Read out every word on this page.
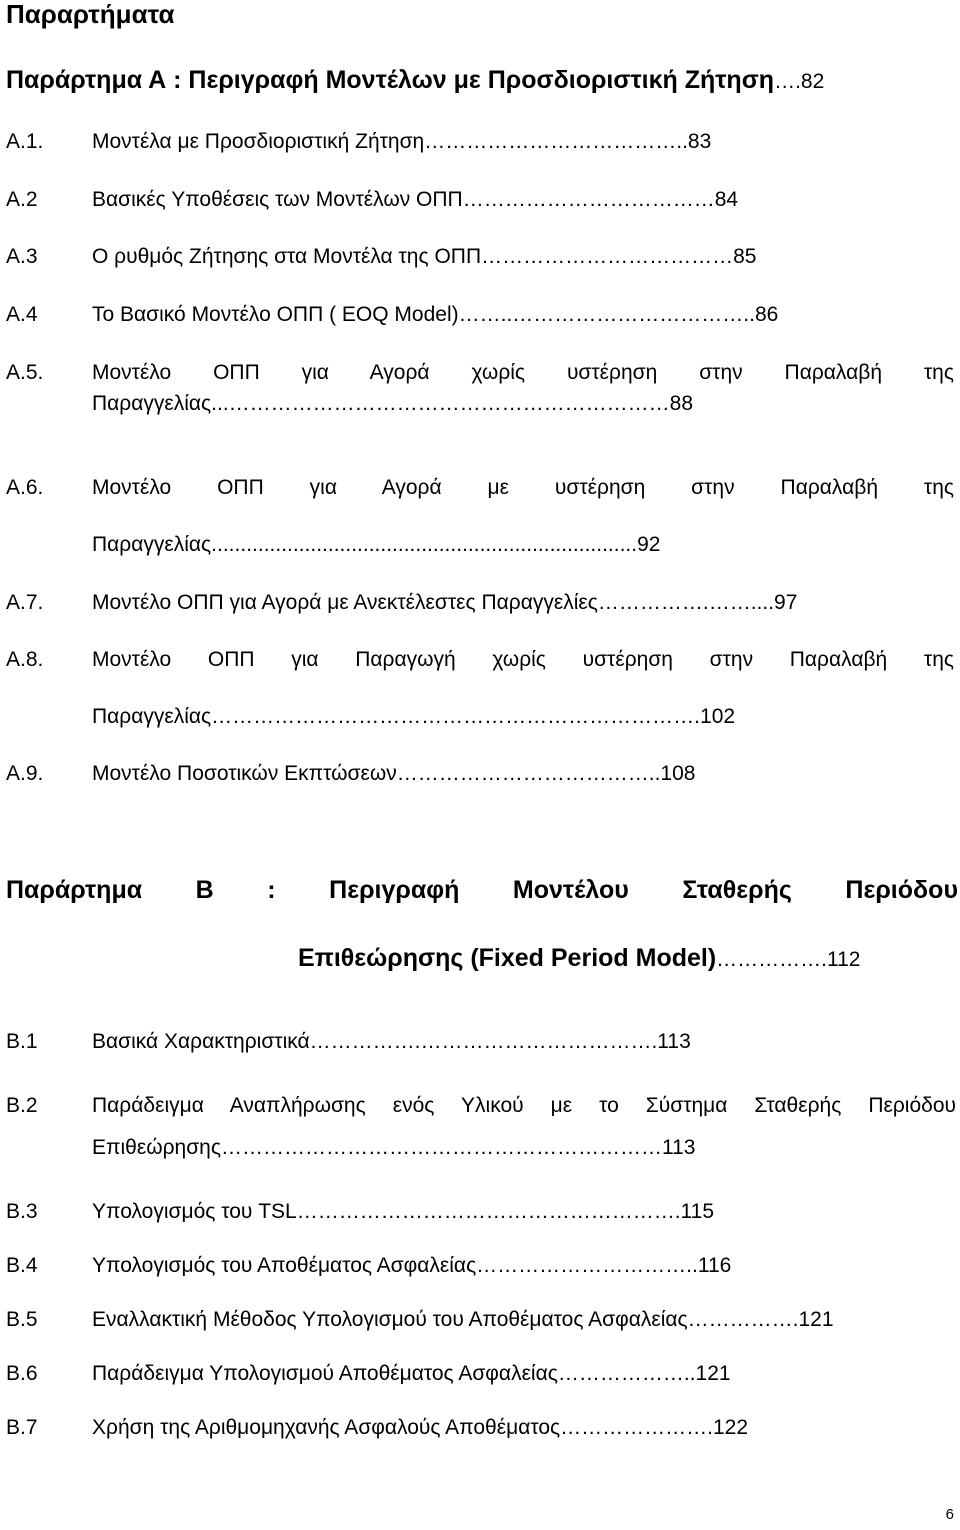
Παραρτήματα
Παράρτημα Α : Περιγραφή Μοντέλων με Προσδιοριστική Ζήτηση….82
Α.1. Μοντέλα με Προσδιοριστική Ζήτηση………………………………..83
Α.2	Βασικές Υποθέσεις των Μοντέλων ΟΠΠ………………………………84
Α.3	Ο ρυθμός Ζήτησης στα Μοντέλα της ΟΠΠ………………………………85
Α.4	Το Βασικό Μοντέλο ΟΠΠ ( EOQ Model)……..……………………………..86
Α.5. Μοντέλο ΟΠΠ για Αγορά χωρίς υστέρηση στην Παραλαβή της
Παραγγελίας...………………………………………………………88
Α.6. Μοντέλο ΟΠΠ για Αγορά με υστέρηση στην Παραλαβή της
Παραγγελίας.........................................................................92
Α.7. Μοντέλο ΟΠΠ για Αγορά με Ανεκτέλεστες Παραγγελίες…………….……....97
Α.8. Μοντέλο ΟΠΠ για Παραγωγή χωρίς υστέρηση στην Παραλαβή της
Παραγγελίας…………………………………………………………….102
Α.9. Μοντέλο Ποσοτικών Εκπτώσεων………………………………..108
Παράρτημα Β : Περιγραφή Μοντέλου Σταθερής Περιόδου
Επιθεώρησης (Fixed Period Model)…………….112
Β.1	Βασικά Χαρακτηριστικά…………….…………………………….113
Β.2	Παράδειγμα Αναπλήρωσης ενός Υλικού με το Σύστημα Σταθερής Περιόδου
Επιθεώρησης………………………………………………………113
Β.3	Υπολογισμός του TSL……………………………………………….115
Β.4	Υπολογισμός του Αποθέματος Ασφαλείας…………………………..116
Β.5	Εναλλακτική Μέθοδος Υπολογισμού του Αποθέματος Ασφαλείας…………….121
Β.6	Παράδειγμα Υπολογισμού Αποθέματος Ασφαλείας………………..121
Β.7	Χρήση της Αριθμομηχανής Ασφαλούς Αποθέματος………………….122
6
